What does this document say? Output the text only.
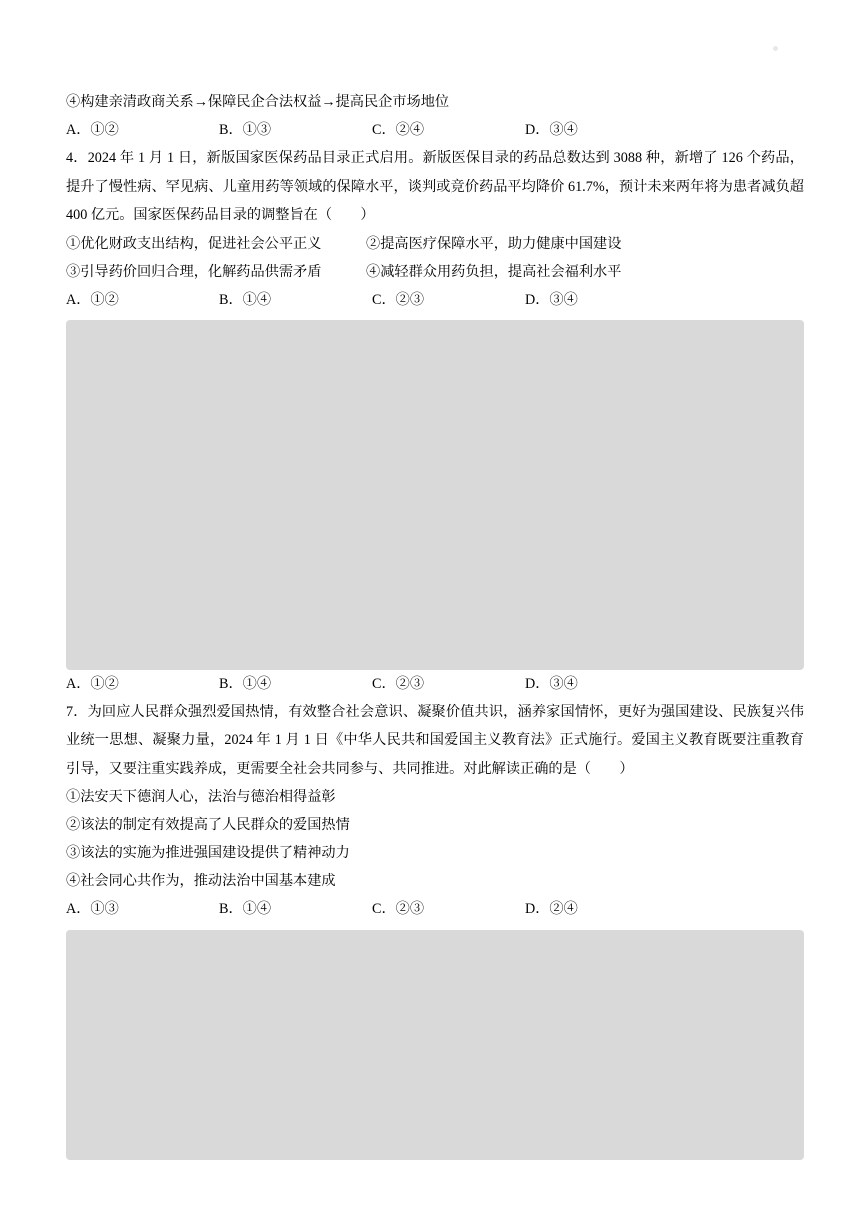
④构建亲清政商关系→保障民企合法权益→提高民企市场地位
A．①②	B．①③	C．②④	D．③④
4．2024 年 1 月 1 日，新版国家医保药品目录正式启用。新版医保目录的药品总数达到 3088 种，新增了 126 个药品，提升了慢性病、罕见病、儿童用药等领域的保障水平，谈判或竞价药品平均降价 61.7%，预计未来两年将为患者减负超 400 亿元。国家医保药品目录的调整旨在（　　）
①优化财政支出结构，促进社会公平正义	②提高医疗保障水平，助力健康中国建设
③引导药价回归合理，化解药品供需矛盾	④减轻群众用药负担，提高社会福利水平
A．①②	B．①④	C．②③	D．③④
A．①②	B．①④	C．②③	D．③④
7．为回应人民群众强烈爱国热情，有效整合社会意识、凝聚价值共识，涵养家国情怀，更好为强国建设、民族复兴伟业统一思想、凝聚力量，2024 年 1 月 1 日《中华人民共和国爱国主义教育法》正式施行。爱国主义教育既要注重教育引导，又要注重实践养成，更需要全社会共同参与、共同推进。对此解读正确的是（　　）
①法安天下德润人心，法治与德治相得益彰
②该法的制定有效提高了人民群众的爱国热情
③该法的实施为推进强国建设提供了精神动力
④社会同心共作为，推动法治中国基本建成
A．①③	B．①④	C．②③	D．②④
